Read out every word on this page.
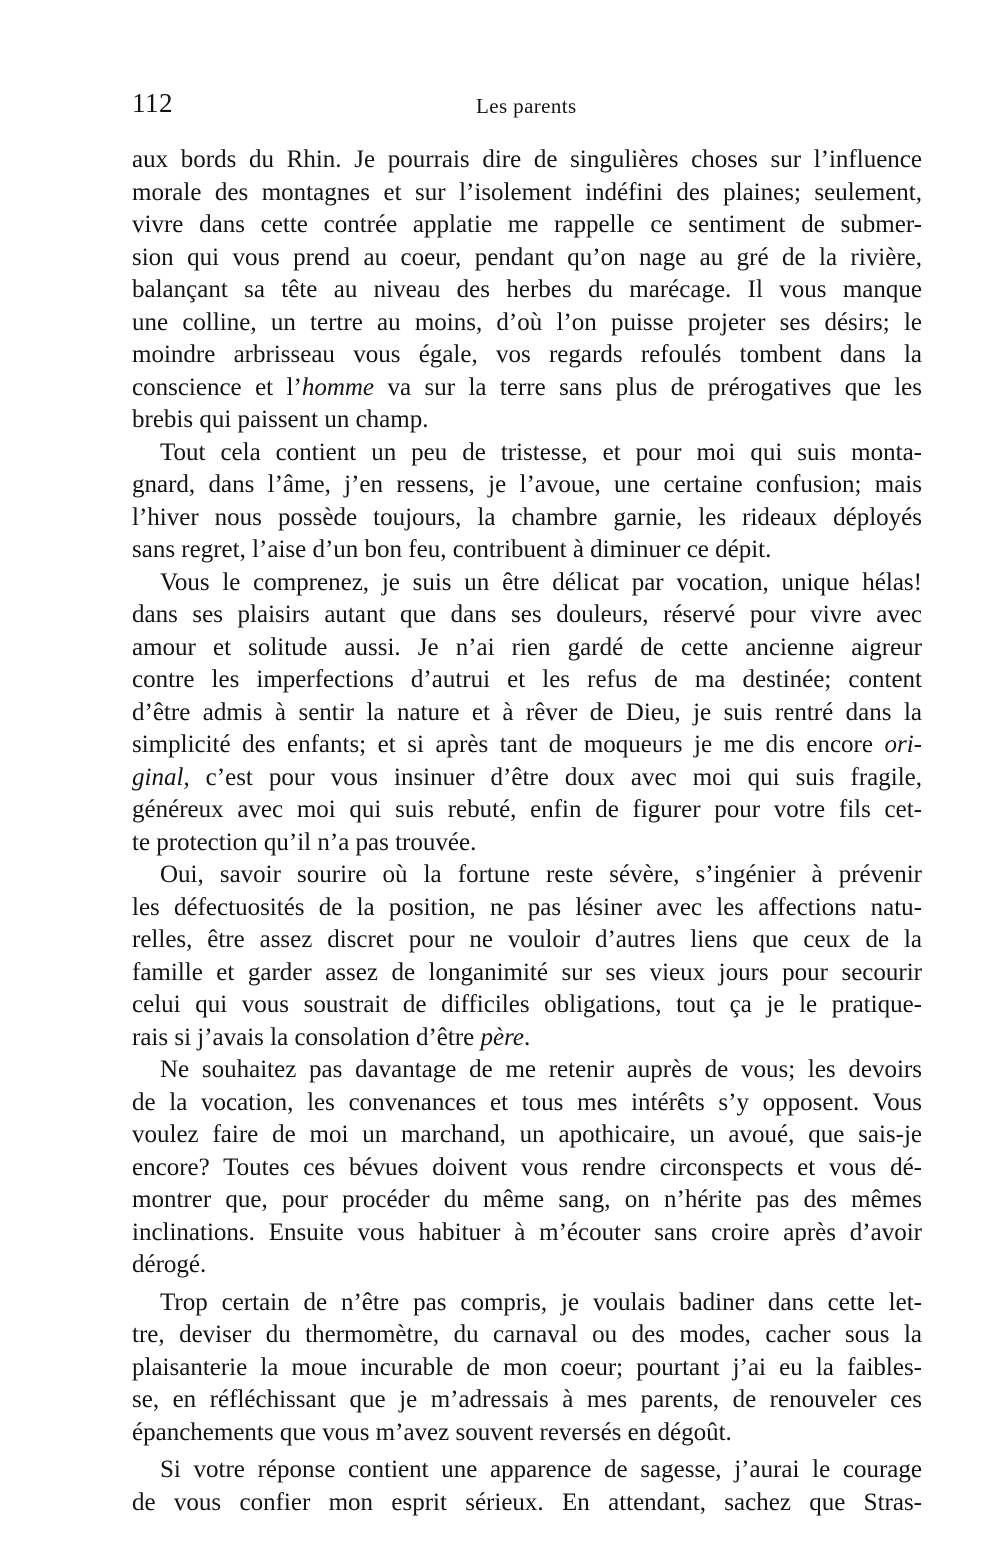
112	Les parents
aux bords du Rhin. Je pourrais dire de singulières choses sur l’influence
morale des montagnes et sur l’isolement indéfini des plaines; seulement,
vivre dans cette contrée applatie me rappelle ce sentiment de submer-
sion qui vous prend au coeur, pendant qu’on nage au gré de la rivière,
balançant sa tête au niveau des herbes du marécage. Il vous manque
une colline, un tertre au moins, d’où l’on puisse projeter ses désirs; le
moindre arbrisseau vous égale, vos regards refoulés tombent dans la
conscience et l’homme va sur la terre sans plus de prérogatives que les
brebis qui paissent un champ.
Tout cela contient un peu de tristesse, et pour moi qui suis monta-
gnard, dans l’âme, j’en ressens, je l’avoue, une certaine confusion; mais
l’hiver nous possède toujours, la chambre garnie, les rideaux déployés
sans regret, l’aise d’un bon feu, contribuent à diminuer ce dépit.
Vous le comprenez, je suis un être délicat par vocation, unique hélas!
dans ses plaisirs autant que dans ses douleurs, réservé pour vivre avec
amour et solitude aussi. Je n’ai rien gardé de cette ancienne aigreur
contre les imperfections d’autrui et les refus de ma destinée; content
d’être admis à sentir la nature et à rêver de Dieu, je suis rentré dans la
simplicité des enfants; et si après tant de moqueurs je me dis encore ori-
ginal, c’est pour vous insinuer d’être doux avec moi qui suis fragile,
généreux avec moi qui suis rebuté, enfin de figurer pour votre fils cet-
te protection qu’il n’a pas trouvée.
Oui, savoir sourire où la fortune reste sévère, s’ingénier à prévenir
les défectuosités de la position, ne pas lésiner avec les affections natu-
relles, être assez discret pour ne vouloir d’autres liens que ceux de la
famille et garder assez de longanimité sur ses vieux jours pour secourir
celui qui vous soustrait de difficiles obligations, tout ça je le pratique-
rais si j’avais la consolation d’être père.
Ne souhaitez pas davantage de me retenir auprès de vous; les devoirs
de la vocation, les convenances et tous mes intérêts s’y opposent. Vous
voulez faire de moi un marchand, un apothicaire, un avoué, que sais-je
encore? Toutes ces bévues doivent vous rendre circonspects et vous dé-
montrer que, pour procéder du même sang, on n’hérite pas des mêmes
inclinations. Ensuite vous habituer à m’écouter sans croire après d’avoir
dérogé.
Trop certain de n’être pas compris, je voulais badiner dans cette let-
tre, deviser du thermomètre, du carnaval ou des modes, cacher sous la
plaisanterie la moue incurable de mon coeur; pourtant j’ai eu la faibles-
se, en réfléchissant que je m’adressais à mes parents, de renouveler ces
épanchements que vous m’avez souvent reversés en dégoût.
Si votre réponse contient une apparence de sagesse, j’aurai le courage
de vous confier mon esprit sérieux. En attendant, sachez que Stras-
